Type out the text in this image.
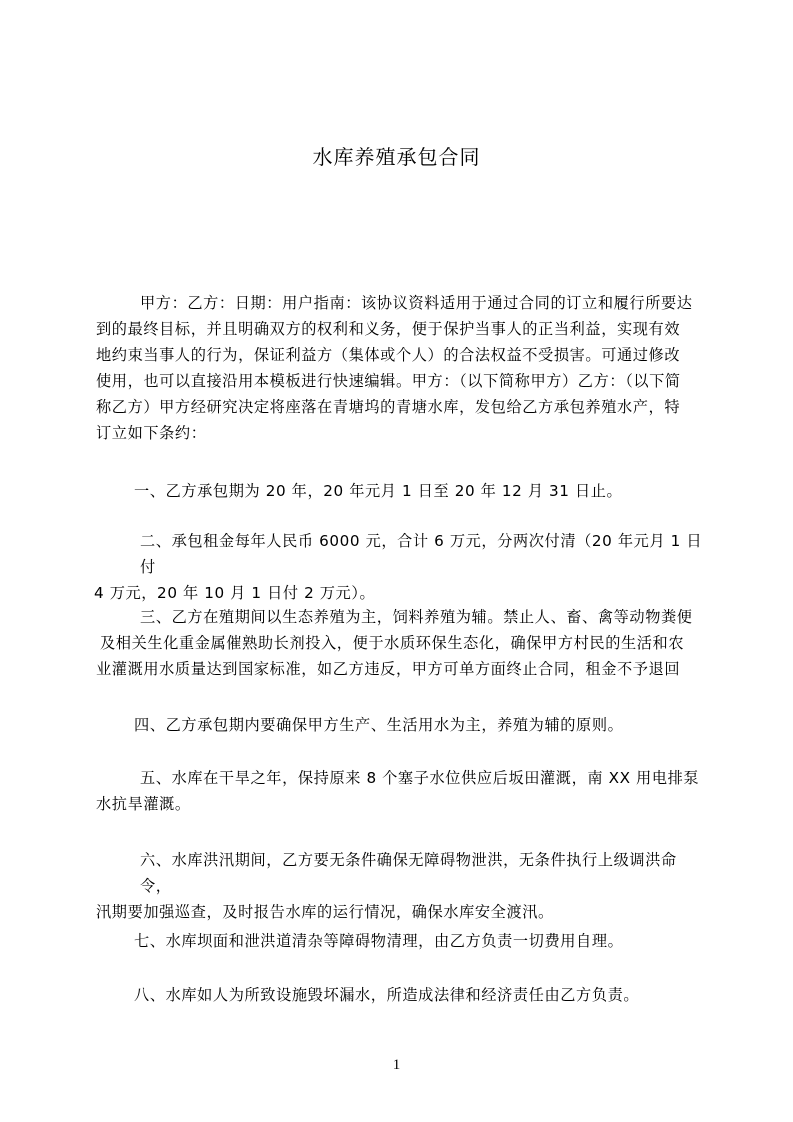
水库养殖承包合同
甲方：乙方：日期：用户指南：该协议资料适用于通过合同的订立和履行所要达
到的最终目标，并且明确双方的权利和义务，便于保护当事人的正当利益，实现有效
地约束当事人的行为，保证利益方（集体或个人）的合法权益不受损害。可通过修改
使用，也可以直接沿用本模板进行快速编辑。甲方：（以下简称甲方）乙方：（以下简
称乙方）甲方经研究决定将座落在青塘坞的青塘水库，发包给乙方承包养殖水产，特
订立如下条约：
一、乙方承包期为 20 年，20 年元月 1 日至 20 年 12 月 31 日止。
二、承包租金每年人民币 6000 元，合计 6 万元，分两次付清（20 年元月 1 日付
4 万元，20 年 10 月 1 日付 2 万元）。
三、乙方在殖期间以生态养殖为主，饲料养殖为辅。禁止人、畜、禽等动物粪便
及相关生化重金属催熟助长剂投入，便于水质环保生态化，确保甲方村民的生活和农
业灌溉用水质量达到国家标准，如乙方违反，甲方可单方面终止合同，租金不予退回
四、乙方承包期内要确保甲方生产、生活用水为主，养殖为辅的原则。
五、水库在干旱之年，保持原来 8 个塞子水位供应后坂田灌溉，南 XX 用电排泵
水抗旱灌溉。
六、水库洪汛期间，乙方要无条件确保无障碍物泄洪，无条件执行上级调洪命令，
汛期要加强巡查，及时报告水库的运行情况，确保水库安全渡汛。
七、水库坝面和泄洪道清杂等障碍物清理，由乙方负责一切费用自理。
八、水库如人为所致设施毁坏漏水，所造成法律和经济责任由乙方负责。
1
